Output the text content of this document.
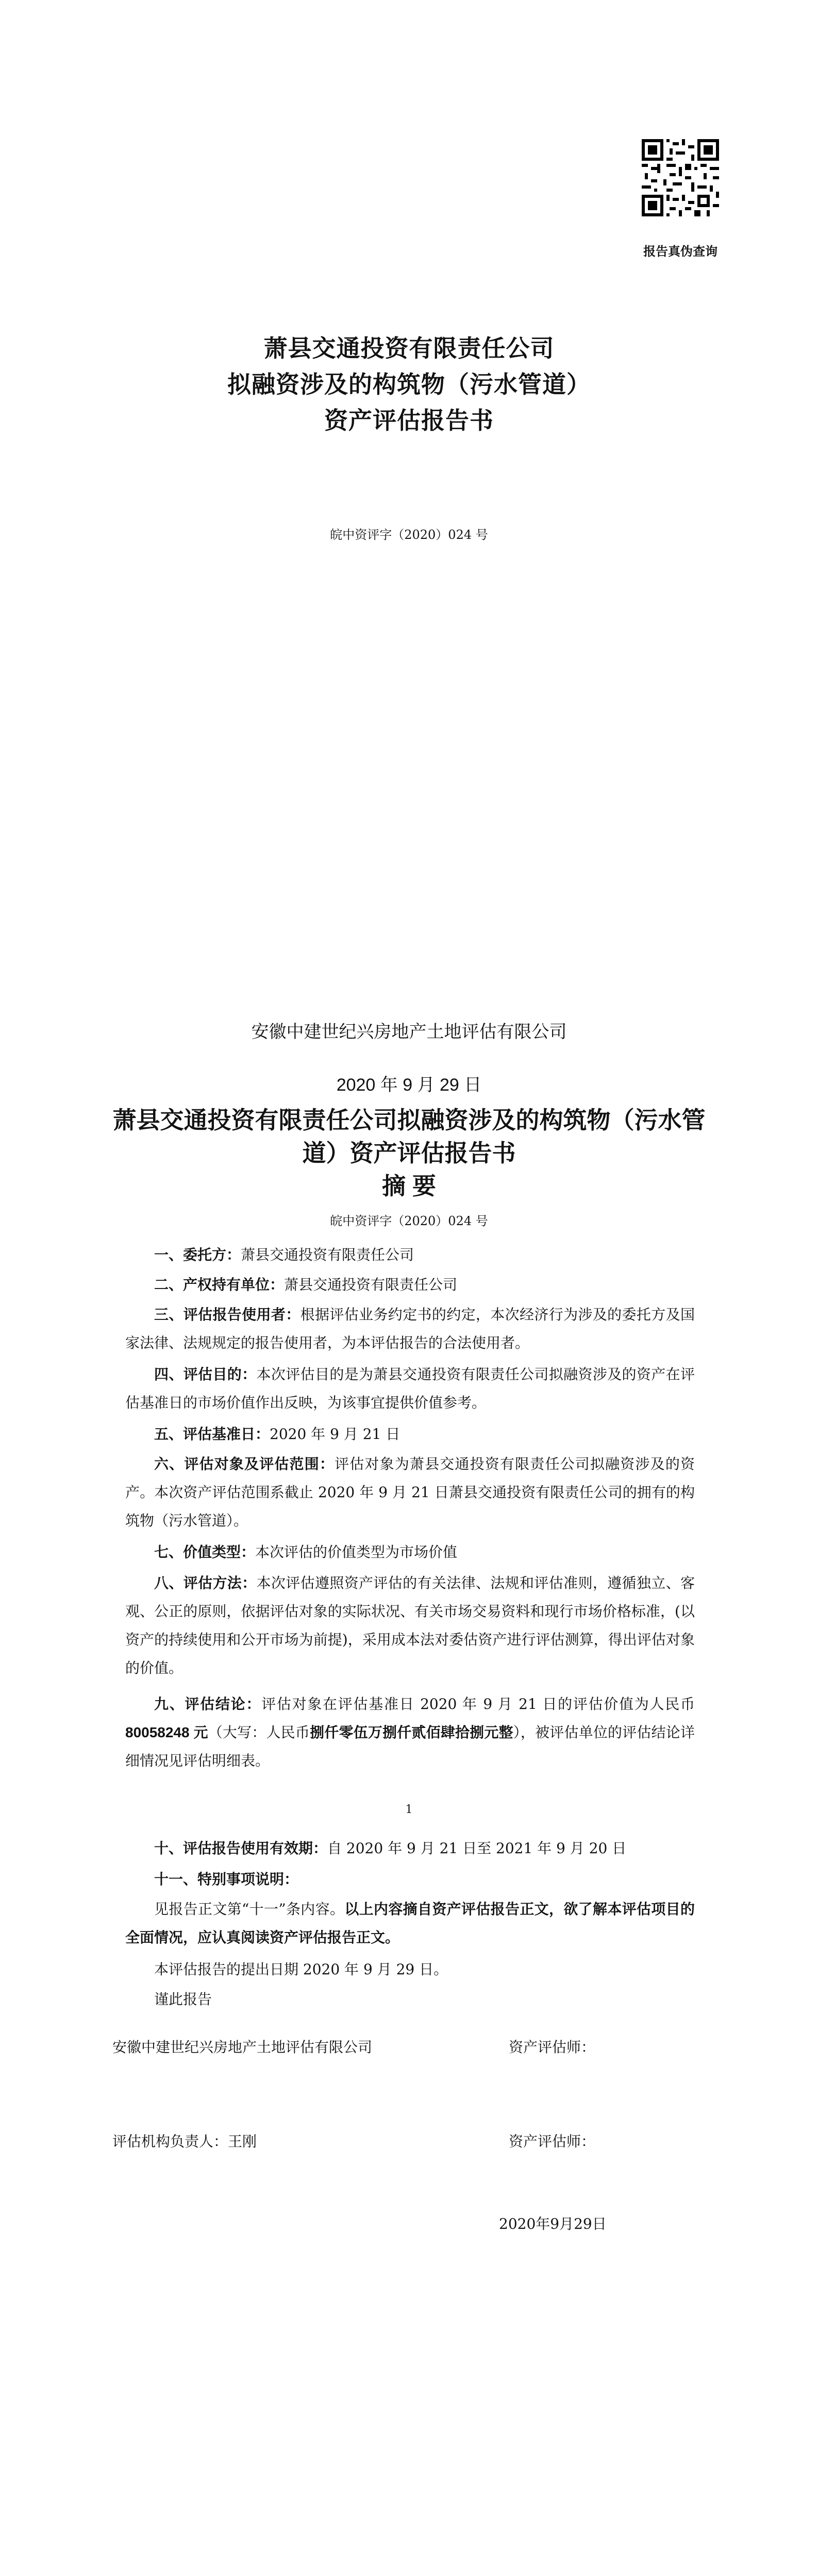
报告真伪查询
萧县交通投资有限责任公司
拟融资涉及的构筑物（污水管道）
资产评估报告书
皖中资评字（2020）024 号
安徽中建世纪兴房地产土地评估有限公司
2020 年 9 月 29 日
萧县交通投资有限责任公司拟融资涉及的构筑物（污水管
道）资产评估报告书
摘 要
皖中资评字（2020）024 号
一、委托方：萧县交通投资有限责任公司
二、产权持有单位：萧县交通投资有限责任公司
三、评估报告使用者：根据评估业务约定书的约定，本次经济行为涉及的委托方及国家法律、法规规定的报告使用者，为本评估报告的合法使用者。
四、评估目的：本次评估目的是为萧县交通投资有限责任公司拟融资涉及的资产在评估基准日的市场价值作出反映，为该事宜提供价值参考。
五、评估基准日：2020 年 9 月 21 日
六、评估对象及评估范围：评估对象为萧县交通投资有限责任公司拟融资涉及的资产。本次资产评估范围系截止 2020 年 9 月 21 日萧县交通投资有限责任公司的拥有的构筑物（污水管道）。
七、价值类型：本次评估的价值类型为市场价值
八、评估方法：本次评估遵照资产评估的有关法律、法规和评估准则，遵循独立、客观、公正的原则，依据评估对象的实际状况、有关市场交易资料和现行市场价格标准，(以资产的持续使用和公开市场为前提)，采用成本法对委估资产进行评估测算，得出评估对象的价值。
九、评估结论：评估对象在评估基准日 2020 年 9 月 21 日的评估价值为人民币80058248 元（大写：人民币捌仟零伍万捌仟贰佰肆拾捌元整），被评估单位的评估结论详细情况见评估明细表。
1
十、评估报告使用有效期：自 2020 年 9 月 21 日至 2021 年 9 月 20 日
十一、特别事项说明：
见报告正文第“十一”条内容。以上内容摘自资产评估报告正文，欲了解本评估项目的全面情况，应认真阅读资产评估报告正文。
本评估报告的提出日期 2020 年 9 月 29 日。
谨此报告
安徽中建世纪兴房地产土地评估有限公司	资产评估师：
评估机构负责人：王刚	资产评估师：
2020年9月29日
